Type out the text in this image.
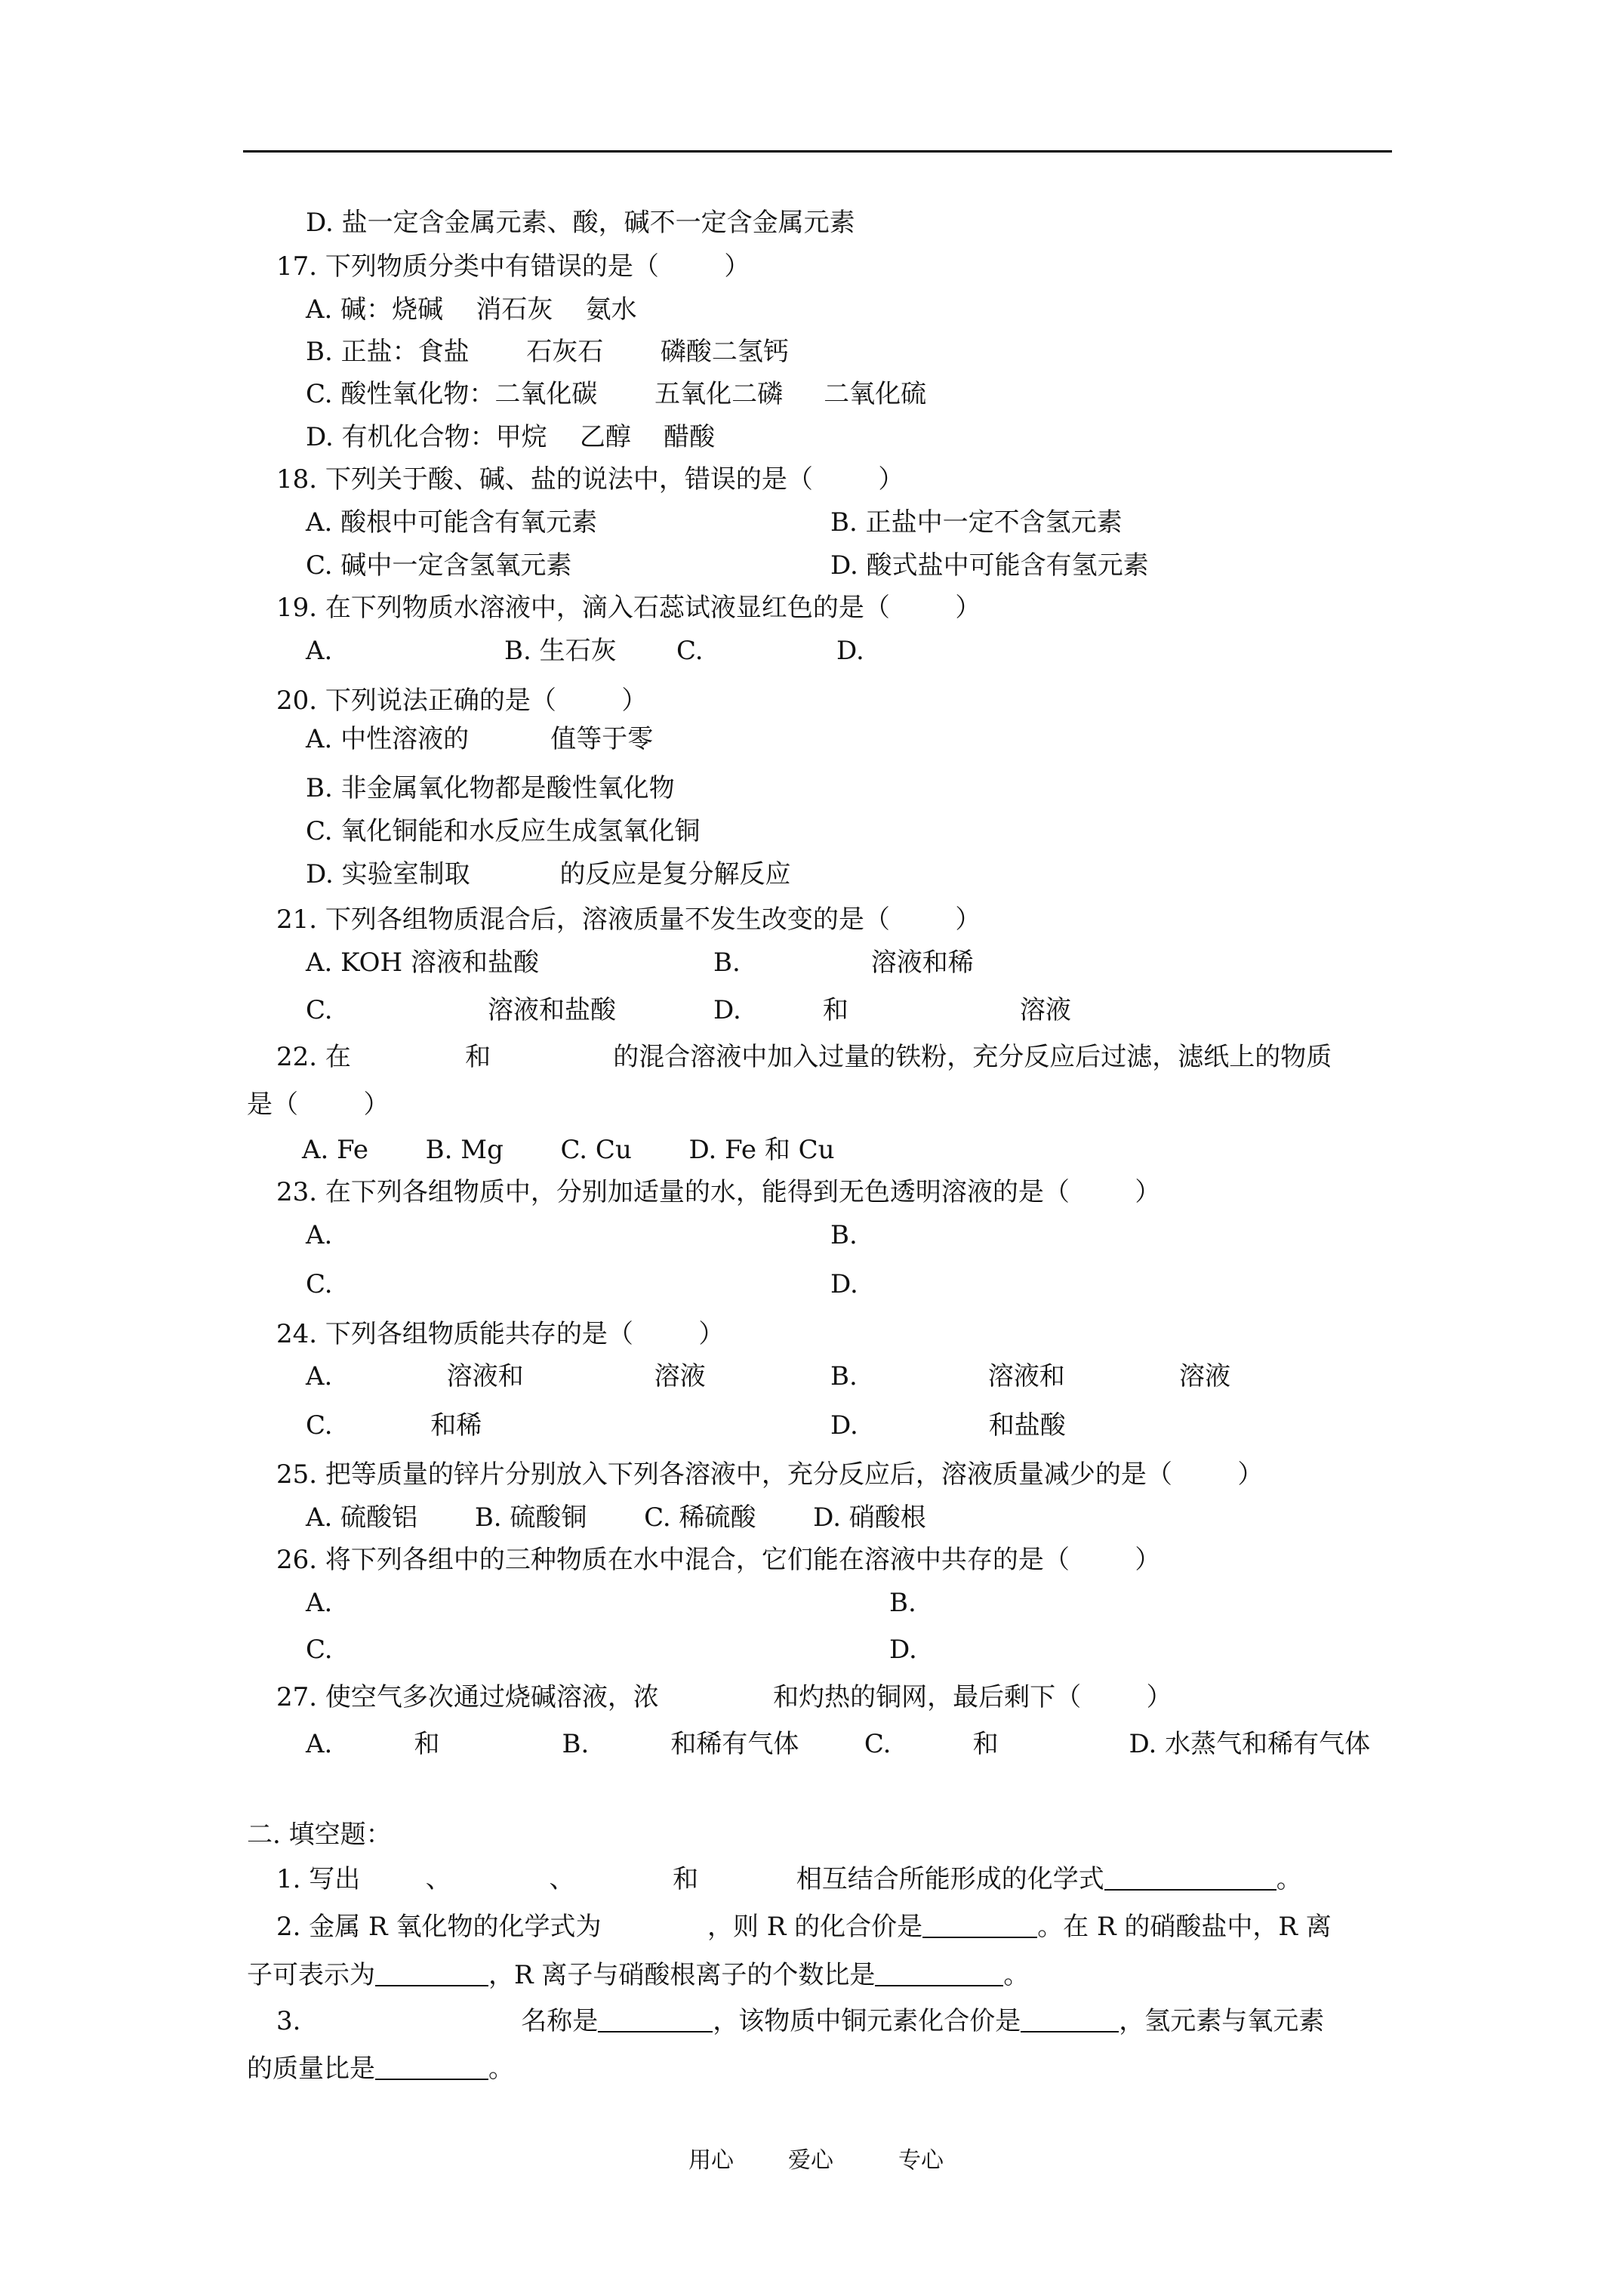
D. 盐一定含金属元素、酸，碱不一定含金属元素
17. 下列物质分类中有错误的是（        ）
A. 碱：烧碱    消石灰    氨水
B. 正盐：食盐       石灰石       磷酸二氢钙
C. 酸性氧化物：二氧化碳       五氧化二磷     二氧化硫
D. 有机化合物：甲烷    乙醇    醋酸
18. 下列关于酸、碱、盐的说法中，错误的是（        ）
A. 酸根中可能含有氧元素	B. 正盐中一定不含氢元素
C. 碱中一定含氢氧元素	D. 酸式盐中可能含有氢元素
19. 在下列物质水溶液中，滴入石蕊试液显红色的是（        ）
A.	B. 生石灰 C.	D.
20. 下列说法正确的是（        ）
A. 中性溶液的          值等于零
B. 非金属氧化物都是酸性氧化物
C. 氧化铜能和水反应生成氢氧化铜
D. 实验室制取           的反应是复分解反应
21. 下列各组物质混合后，溶液质量不发生改变的是（        ）
A. KOH 溶液和盐酸	B.                溶液和稀
C.                   溶液和盐酸	D.          和                     溶液
22. 在              和               的混合溶液中加入过量的铁粉，充分反应后过滤，滤纸上的物质
是（        ）
A. Fe       B. Mg       C. Cu       D. Fe 和 Cu
23. 在下列各组物质中，分别加适量的水，能得到无色透明溶液的是（        ）
A.	B.
C.	D.
24. 下列各组物质能共存的是（        ）
A.              溶液和                溶液	B.                溶液和              溶液
C.            和稀	D.                和盐酸
25. 把等质量的锌片分别放入下列各溶液中，充分反应后，溶液质量减少的是（        ）
A. 硫酸铝       B. 硫酸铜       C. 稀硫酸       D. 硝酸根
26. 将下列各组中的三种物质在水中混合，它们能在溶液中共存的是（        ）
A.	B.
C.	D.
27. 使空气多次通过烧碱溶液，浓              和灼热的铜网，最后剩下（        ）
A.          和               B.          和稀有气体        C.          和                D. 水蒸气和稀有气体
二. 填空题：
1. 写出        、            、            和            相互结合所能形成的化学式	。
2. 金属 R 氧化物的化学式为             ，则 R 的化合价是	。在 R 的硝酸盐中，R 离
子可表示为	，R 离子与硝酸根离子的个数比是	。
3.                           名称是	，该物质中铜元素化合价是	，氢元素与氧元素
的质量比是	。
用心 爱心	专心
